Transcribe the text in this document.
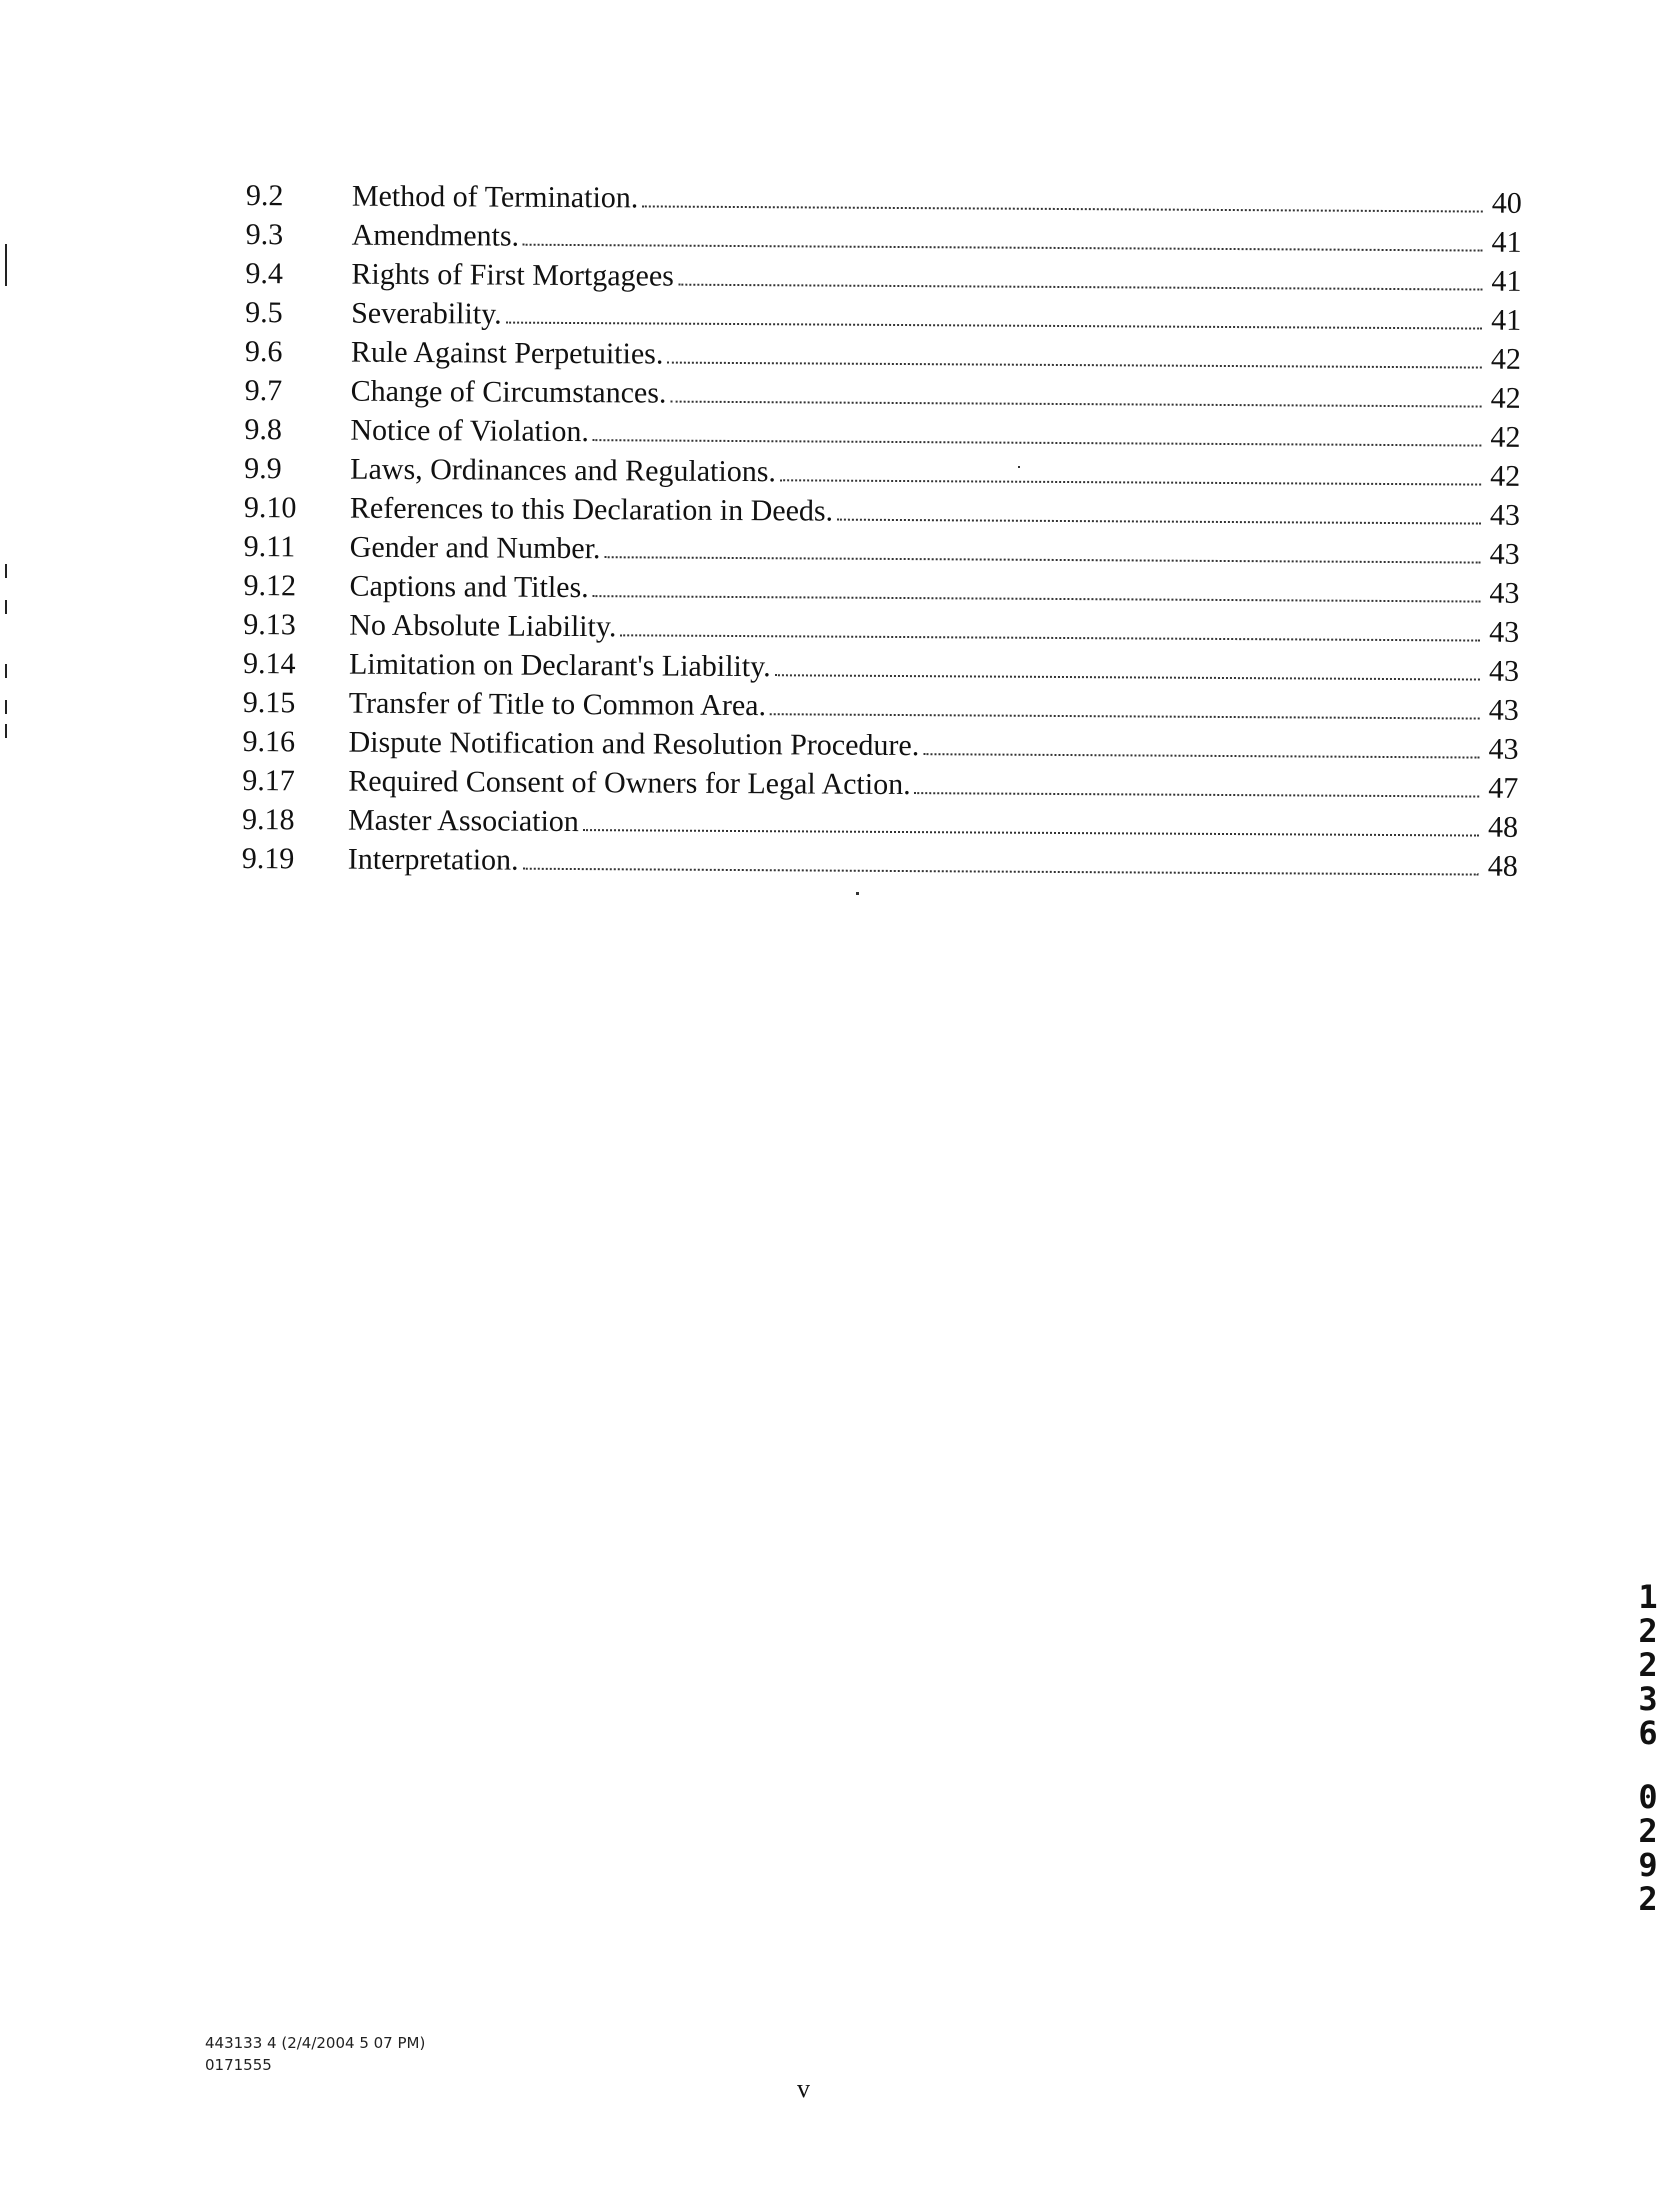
9.2	Method of Termination.	40
9.3	Amendments.	41
9.4	Rights of First Mortgagees	41
9.5	Severability.	41
9.6	Rule Against Perpetuities.	42
9.7	Change of Circumstances.	42
9.8	Notice of Violation.	42
9.9	Laws, Ordinances and Regulations.	42
9.10	References to this Declaration in Deeds.	43
9.11	Gender and Number.	43
9.12	Captions and Titles.	43
9.13	No Absolute Liability.	43
9.14	Limitation on Declarant's Liability.	43
9.15	Transfer of Title to Common Area.	43
9.16	Dispute Notification and Resolution Procedure.	43
9.17	Required Consent of Owners for Legal Action.	47
9.18	Master Association	48
9.19	Interpretation.	48
1
2
2
3
6
0
2
9
2
443133 4 (2/4/2004 5 07 PM)
0171555
v
